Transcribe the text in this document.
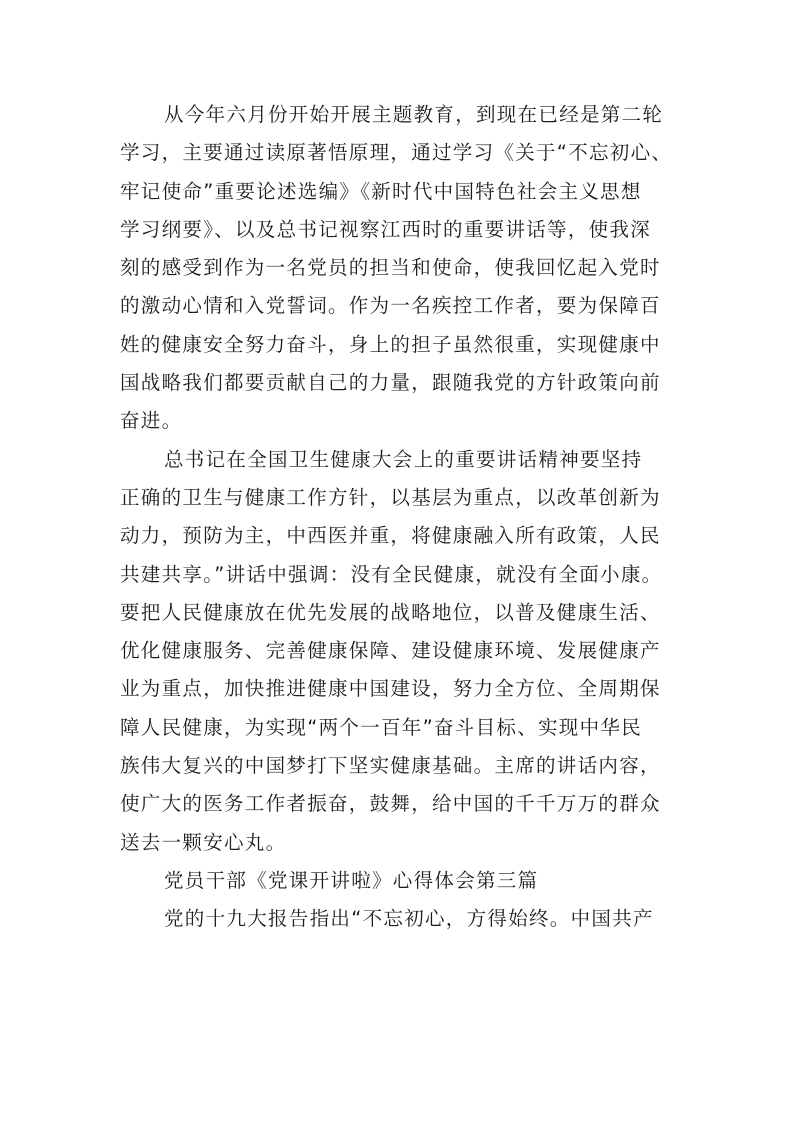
从今年六月份开始开展主题教育，到现在已经是第二轮
学习，主要通过读原著悟原理，通过学习《关于“不忘初心、
牢记使命”重要论述选编》《新时代中国特色社会主义思想
学习纲要》、以及总书记视察江西时的重要讲话等，使我深
刻的感受到作为一名党员的担当和使命，使我回忆起入党时
的激动心情和入党誓词。作为一名疾控工作者，要为保障百
姓的健康安全努力奋斗，身上的担子虽然很重，实现健康中
国战略我们都要贡献自己的力量，跟随我党的方针政策向前
奋进。
总书记在全国卫生健康大会上的重要讲话精神要坚持
正确的卫生与健康工作方针，以基层为重点，以改革创新为
动力，预防为主，中西医并重，将健康融入所有政策，人民
共建共享。”讲话中强调：没有全民健康，就没有全面小康。
要把人民健康放在优先发展的战略地位，以普及健康生活、
优化健康服务、完善健康保障、建设健康环境、发展健康产
业为重点，加快推进健康中国建设，努力全方位、全周期保
障人民健康，为实现“两个一百年”奋斗目标、实现中华民
族伟大复兴的中国梦打下坚实健康基础。主席的讲话内容，
使广大的医务工作者振奋，鼓舞，给中国的千千万万的群众
送去一颗安心丸。
党员干部《党课开讲啦》心得体会第三篇
党的十九大报告指出“不忘初心，方得始终。中国共产
